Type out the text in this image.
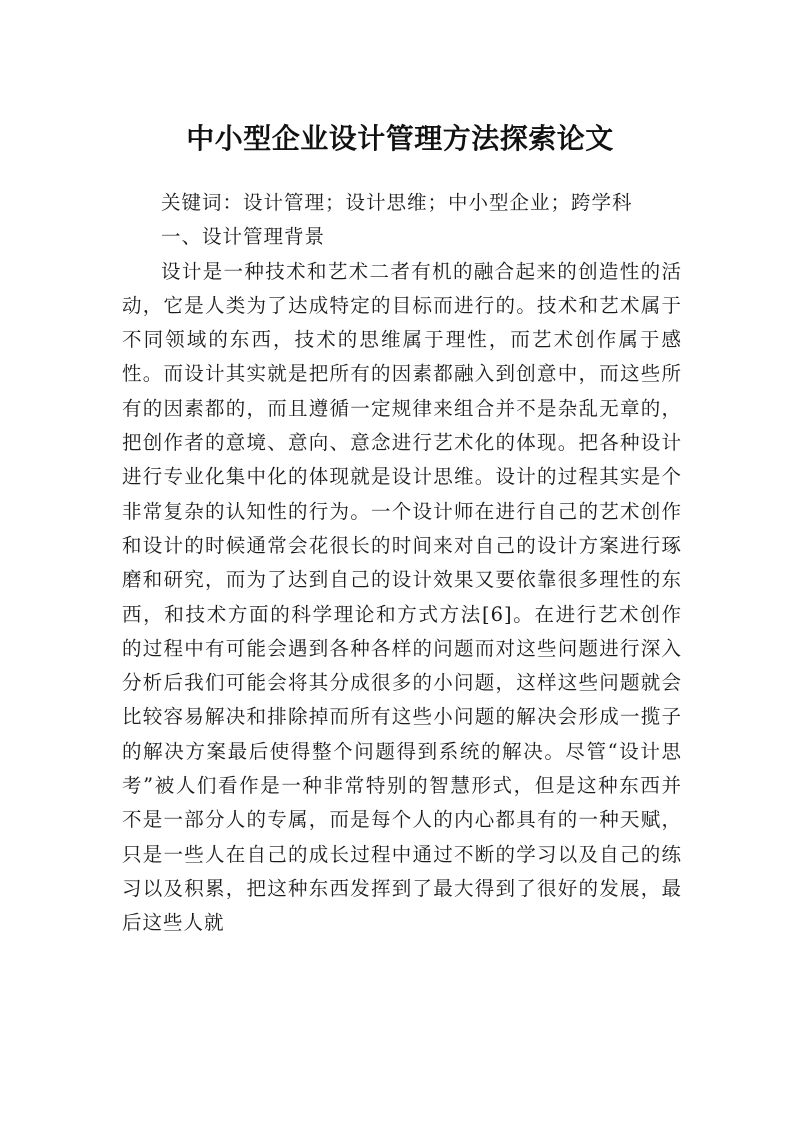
中小型企业设计管理方法探索论文

关键词：设计管理；设计思维；中小型企业；跨学科

一、设计管理背景

设计是一种技术和艺术二者有机的融合起来的创造性的活动，它是人类为了达成特定的目标而进行的。技术和艺术属于不同领域的东西，技术的思维属于理性，而艺术创作属于感性。而设计其实就是把所有的因素都融入到创意中，而这些所有的因素都的，而且遵循一定规律来组合并不是杂乱无章的，把创作者的意境、意向、意念进行艺术化的体现。把各种设计进行专业化集中化的体现就是设计思维。设计的过程其实是个非常复杂的认知性的行为。一个设计师在进行自己的艺术创作和设计的时候通常会花很长的时间来对自己的设计方案进行琢磨和研究，而为了达到自己的设计效果又要依靠很多理性的东西，和技术方面的科学理论和方式方法[6]。在进行艺术创作的过程中有可能会遇到各种各样的问题而对这些问题进行深入分析后我们可能会将其分成很多的小问题，这样这些问题就会比较容易解决和排除掉而所有这些小问题的解决会形成一揽子的解决方案最后使得整个问题得到系统的解决。尽管“设计思考”被人们看作是一种非常特别的智慧形式，但是这种东西并不是一部分人的专属，而是每个人的内心都具有的一种天赋，只是一些人在自己的成长过程中通过不断的学习以及自己的练习以及积累，把这种东西发挥到了最大得到了很好的发展，最后这些人就
